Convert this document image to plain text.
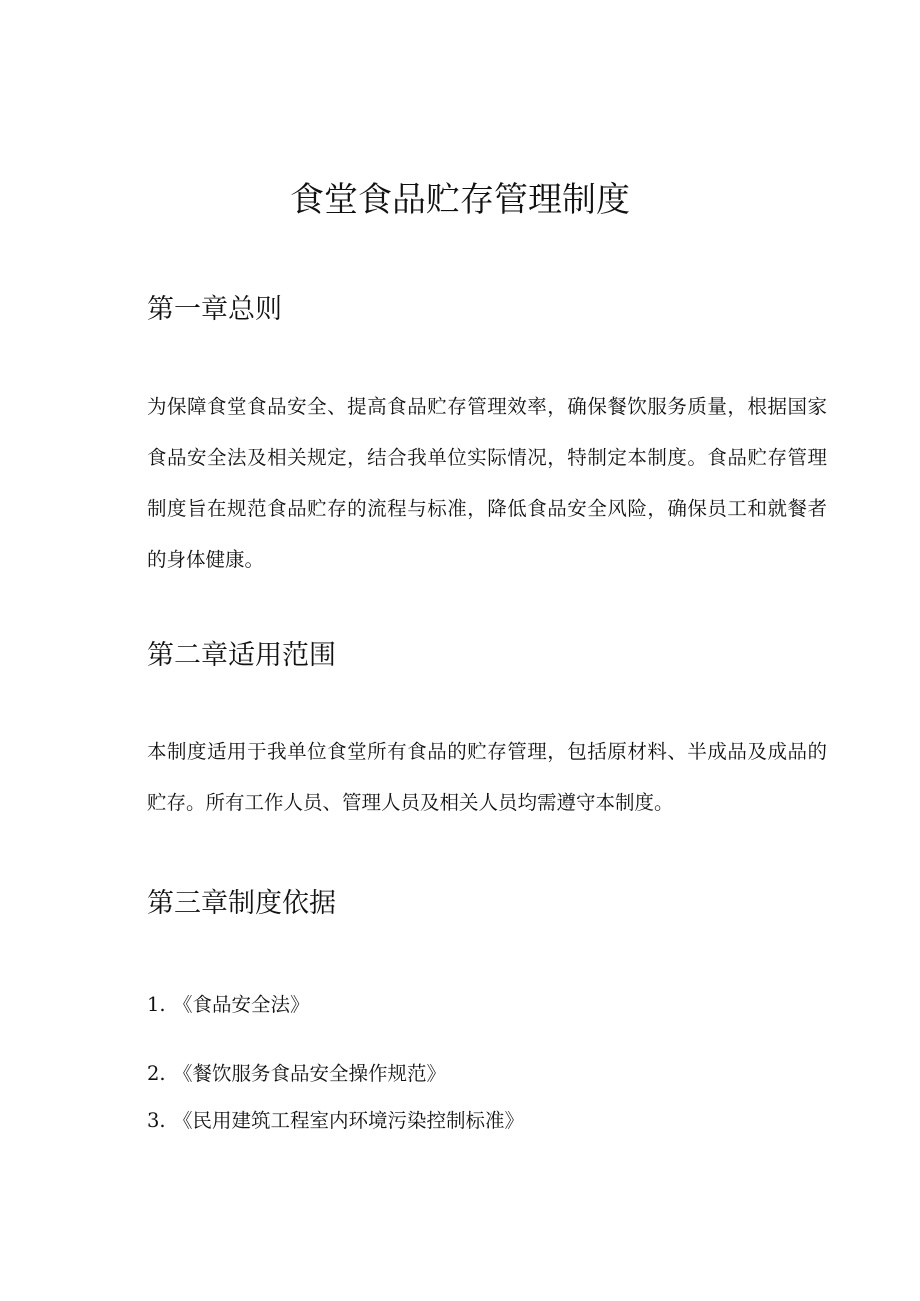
食堂食品贮存管理制度
第一章总则

为保障食堂食品安全、提高食品贮存管理效率，确保餐饮服务质量，根据国家食品安全法及相关规定，结合我单位实际情况，特制定本制度。食品贮存管理制度旨在规范食品贮存的流程与标准，降低食品安全风险，确保员工和就餐者的身体健康。

第二章适用范围

本制度适用于我单位食堂所有食品的贮存管理，包括原材料、半成品及成品的贮存。所有工作人员、管理人员及相关人员均需遵守本制度。

第三章制度依据
1. 《食品安全法》
2. 《餐饮服务食品安全操作规范》
3. 《民用建筑工程室内环境污染控制标准》
